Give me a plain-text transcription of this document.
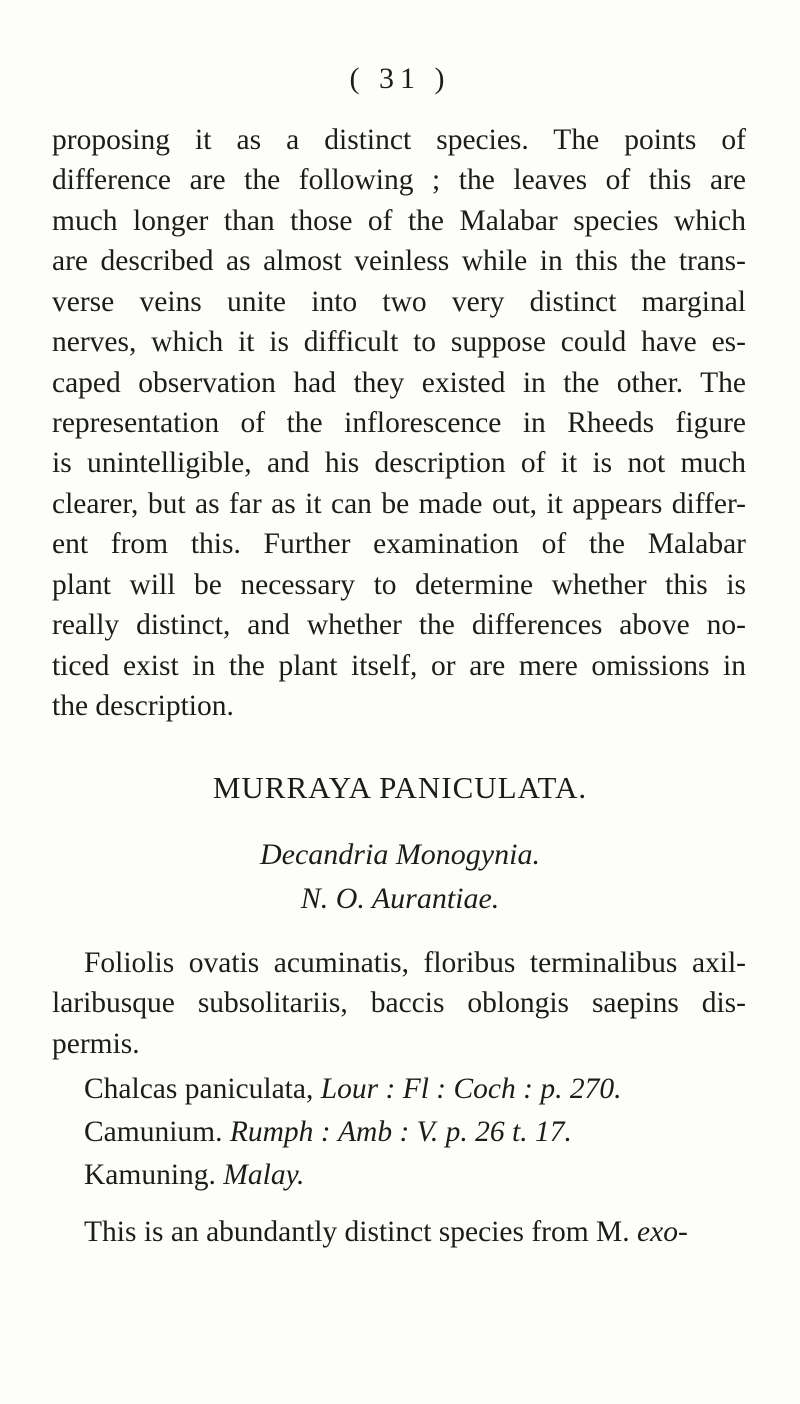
( 31 )
proposing it as a distinct species. The points of
difference are the following ; the leaves of this are
much longer than those of the Malabar species which
are described as almost veinless while in this the trans-
verse veins unite into two very distinct marginal
nerves, which it is difficult to suppose could have es-
caped observation had they existed in the other. The
representation of the inflorescence in Rheeds figure
is unintelligible, and his description of it is not much
clearer, but as far as it can be made out, it appears differ-
ent from this. Further examination of the Malabar
plant will be necessary to determine whether this is
really distinct, and whether the differences above no-
ticed exist in the plant itself, or are mere omissions in
the description.
MURRAYA PANICULATA.
Decandria Monogynia.
N. O. Aurantiae.
Foliolis ovatis acuminatis, floribus terminalibus axil-
laribusque subsolitariis, baccis oblongis saepins dis-
permis.
Chalcas paniculata, Lour : Fl : Coch : p. 270.
Camunium. Rumph : Amb : V. p. 26 t. 17.
Kamuning. Malay.
This is an abundantly distinct species from M. exo-
